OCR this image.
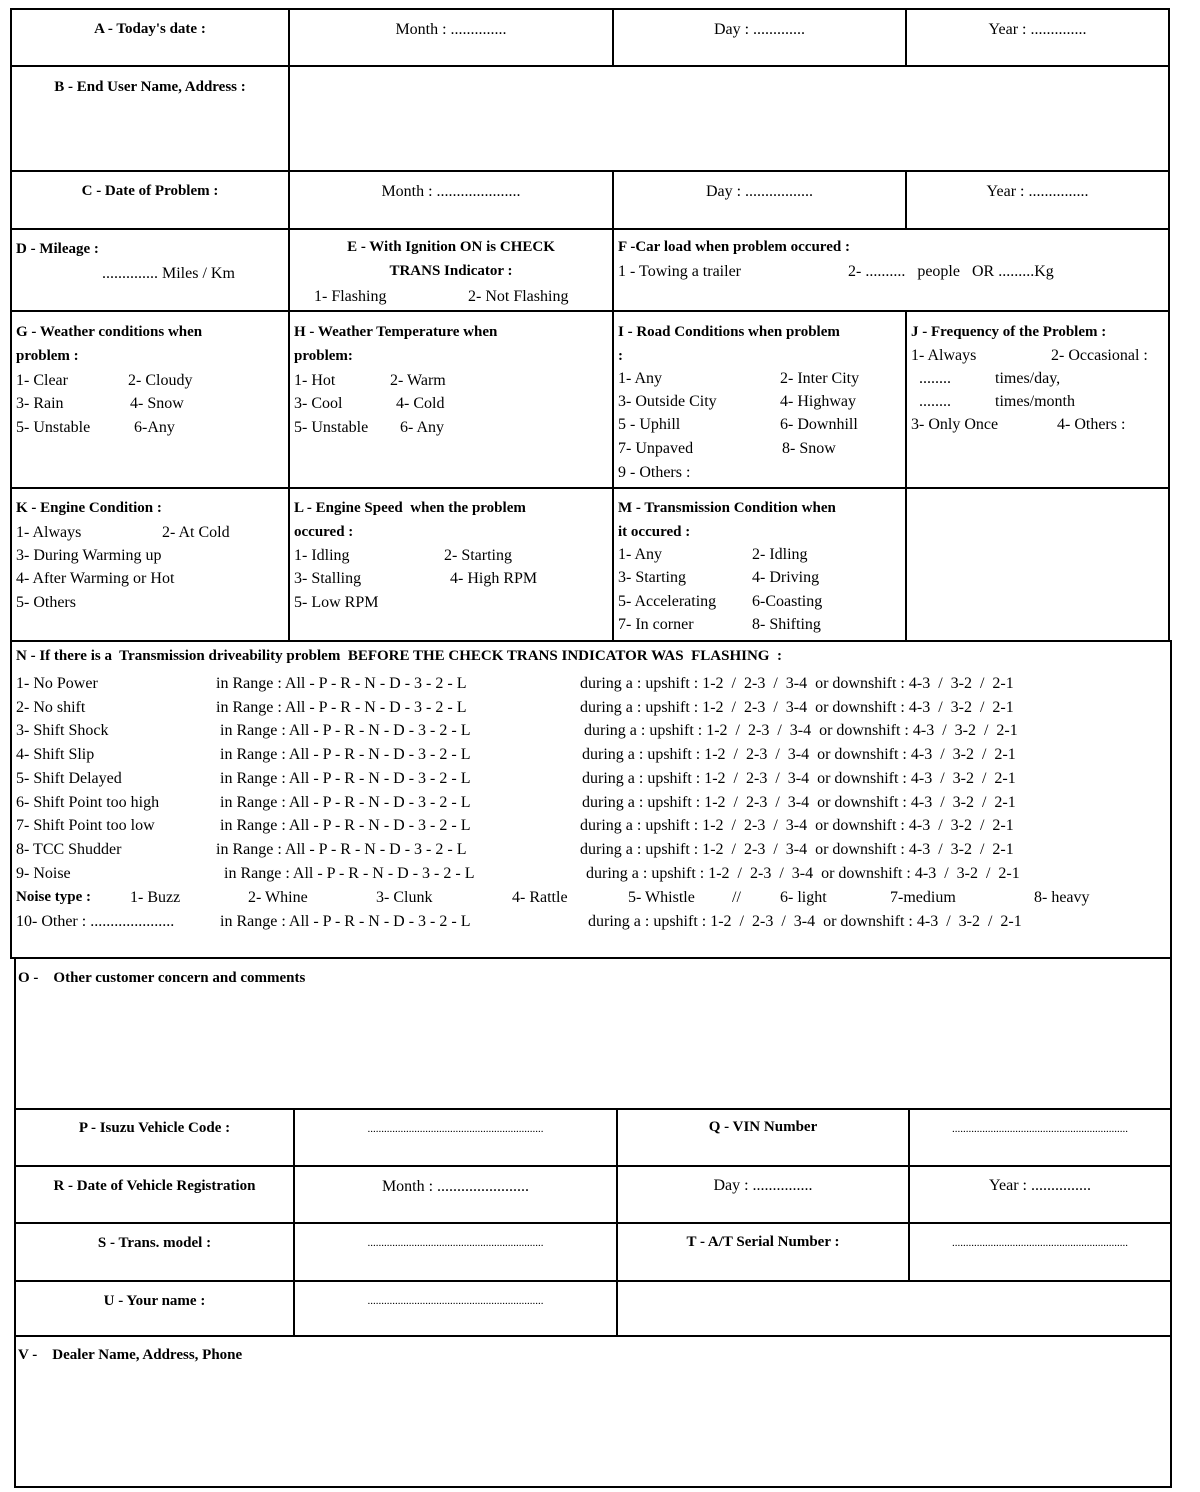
A - Today's date :	Month : ..............	Day : .............	Year : ..............
B - End User Name, Address :
C - Date of Problem :	Month : .....................	Day : .................	Year : ...............
D - Mileage :
.............. Miles / Km
E - With Ignition ON is CHECK
TRANS Indicator :
1- Flashing	2- Not Flashing
F -Car load when problem occured :
1 - Towing a trailer	2- ..........   people   OR .........Kg
G - Weather conditions when
problem :
1- Clear	2- Cloudy
3- Rain	4- Snow
5- Unstable	6-Any
H - Weather Temperature when
problem:
1- Hot	2- Warm
3- Cool	4- Cold
5- Unstable 6- Any
I - Road Conditions when problem
:
1- Any	2- Inter City
3- Outside City	4- Highway
5 - Uphill	6- Downhill
7- Unpaved	8- Snow
9 - Others :
J - Frequency of the Problem :
1- Always	2- Occasional :
........	times/day,
........	times/month
3- Only Once	4- Others :
K - Engine Condition :
1- Always	2- At Cold
3- During Warming up
4- After Warming or Hot
5- Others
L - Engine Speed  when the problem
occured :
1- Idling	2- Starting
3- Stalling	4- High RPM
5- Low RPM
M - Transmission Condition when
it occured :
1- Any	2- Idling
3- Starting	4- Driving
5- Accelerating 6-Coasting
7- In corner	8- Shifting
N - If there is a  Transmission driveability problem  BEFORE THE CHECK TRANS INDICATOR WAS  FLASHING  :
1- No Power	in Range : All - P - R - N - D - 3 - 2 - L	during a : upshift : 1-2  /  2-3  /  3-4  or downshift : 4-3  /  3-2  /  2-1
2- No shift	in Range : All - P - R - N - D - 3 - 2 - L	during a : upshift : 1-2  /  2-3  /  3-4  or downshift : 4-3  /  3-2  /  2-1
3- Shift Shock	in Range : All - P - R - N - D - 3 - 2 - L	during a : upshift : 1-2  /  2-3  /  3-4  or downshift : 4-3  /  3-2  /  2-1
4- Shift Slip	in Range : All - P - R - N - D - 3 - 2 - L	during a : upshift : 1-2  /  2-3  /  3-4  or downshift : 4-3  /  3-2  /  2-1
5- Shift Delayed	in Range : All - P - R - N - D - 3 - 2 - L	during a : upshift : 1-2  /  2-3  /  3-4  or downshift : 4-3  /  3-2  /  2-1
6- Shift Point too high	in Range : All - P - R - N - D - 3 - 2 - L	during a : upshift : 1-2  /  2-3  /  3-4  or downshift : 4-3  /  3-2  /  2-1
7- Shift Point too low	in Range : All - P - R - N - D - 3 - 2 - L	during a : upshift : 1-2  /  2-3  /  3-4  or downshift : 4-3  /  3-2  /  2-1
8- TCC Shudder	in Range : All - P - R - N - D - 3 - 2 - L	during a : upshift : 1-2  /  2-3  /  3-4  or downshift : 4-3  /  3-2  /  2-1
9- Noise	in Range : All - P - R - N - D - 3 - 2 - L	during a : upshift : 1-2  /  2-3  /  3-4  or downshift : 4-3  /  3-2  /  2-1
Noise type : 1- Buzz	2- Whine	3- Clunk	4- Rattle	5- Whistle // 6- light	7-medium	8- heavy
10- Other : .....................	in Range : All - P - R - N - D - 3 - 2 - L	during a : upshift : 1-2  /  2-3  /  3-4  or downshift : 4-3  /  3-2  /  2-1
O -    Other customer concern and comments
P - Isuzu Vehicle Code :	................................................................	Q - VIN Number	................................................................
R - Date of Vehicle Registration	Month : .......................	Day : ...............	Year : ...............
S - Trans. model :	................................................................	T - A/T Serial Number :	................................................................
U - Your name :	................................................................
V -    Dealer Name, Address, Phone
